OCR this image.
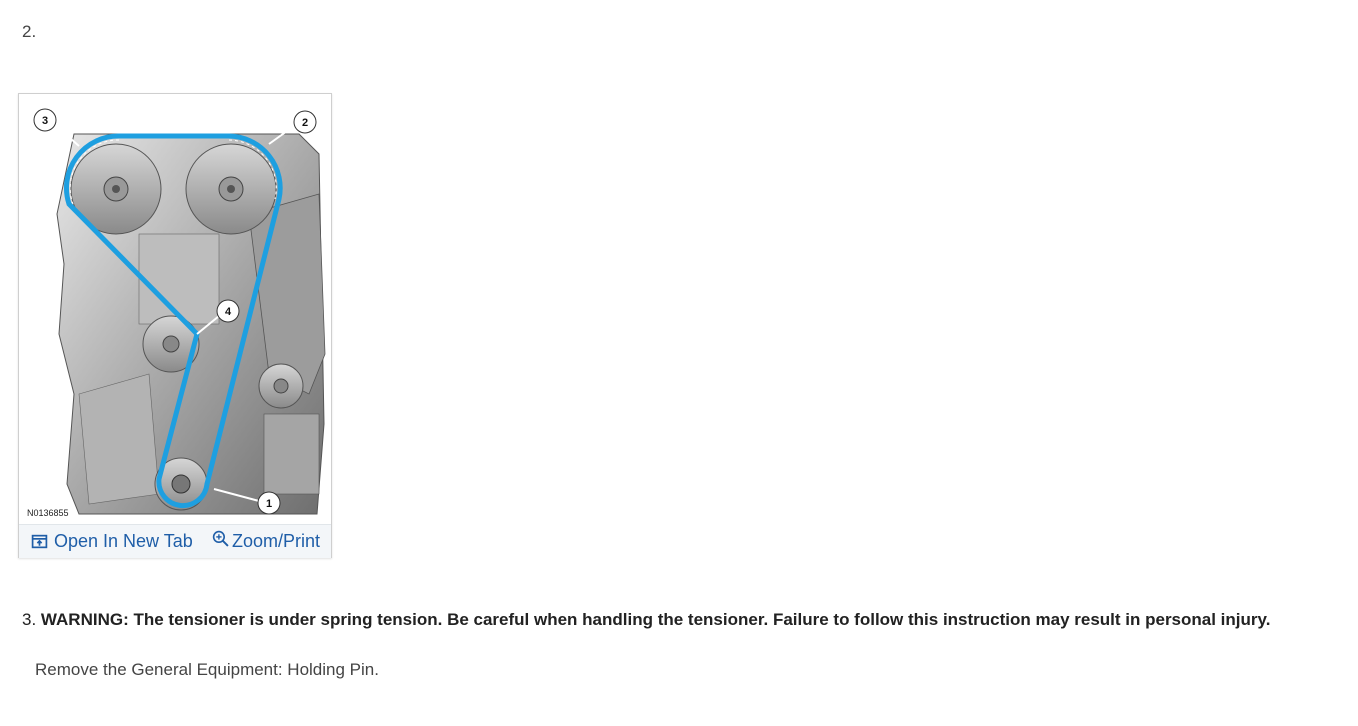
2.
3	2
4
1
N0136855
Open In New Tab Zoom/Print
3. WARNING: The tensioner is under spring tension. Be careful when handling the tensioner. Failure to follow this instruction may result in personal injury.
Remove the General Equipment: Holding Pin.
